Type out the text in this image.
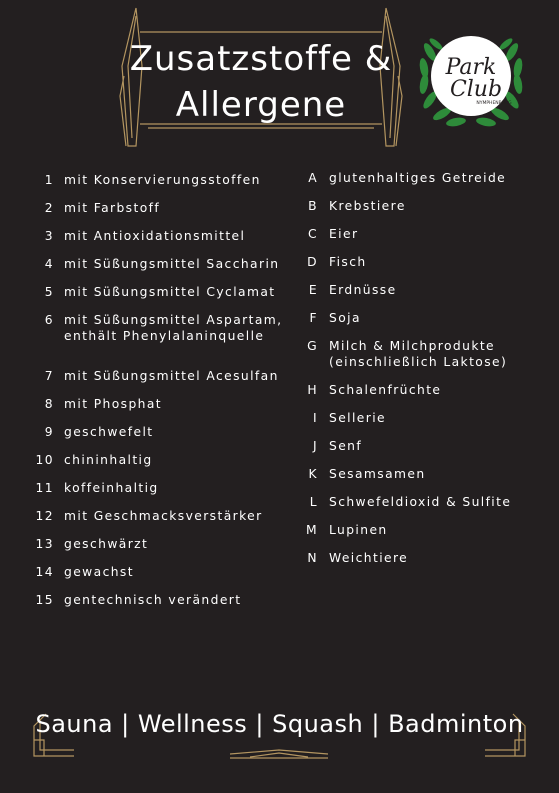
Zusatzstoffe &
Allergene
Park
Club
NYMPHENBURG
1 mit Konservierungsstoffen
2 mit Farbstoff
3 mit Antioxidationsmittel
4 mit Süßungsmittel Saccharin
5 mit Süßungsmittel Cyclamat
6 mit Süßungsmittel Aspartam,
enthält Phenylalaninquelle
7 mit Süßungsmittel Acesulfan
8 mit Phosphat
9 geschwefelt
10 chininhaltig
11 koffeinhaltig
12 mit Geschmacksverstärker
13 geschwärzt
14 gewachst
15 gentechnisch verändert
A glutenhaltiges Getreide
B Krebstiere
C Eier
D Fisch
E Erdnüsse
F Soja
G Milch & Milchprodukte
(einschließlich Laktose)
H Schalenfrüchte
I Sellerie
J Senf
K Sesamsamen
L Schwefeldioxid & Sulfite
M Lupinen
N Weichtiere
Sauna | Wellness | Squash | Badminton
